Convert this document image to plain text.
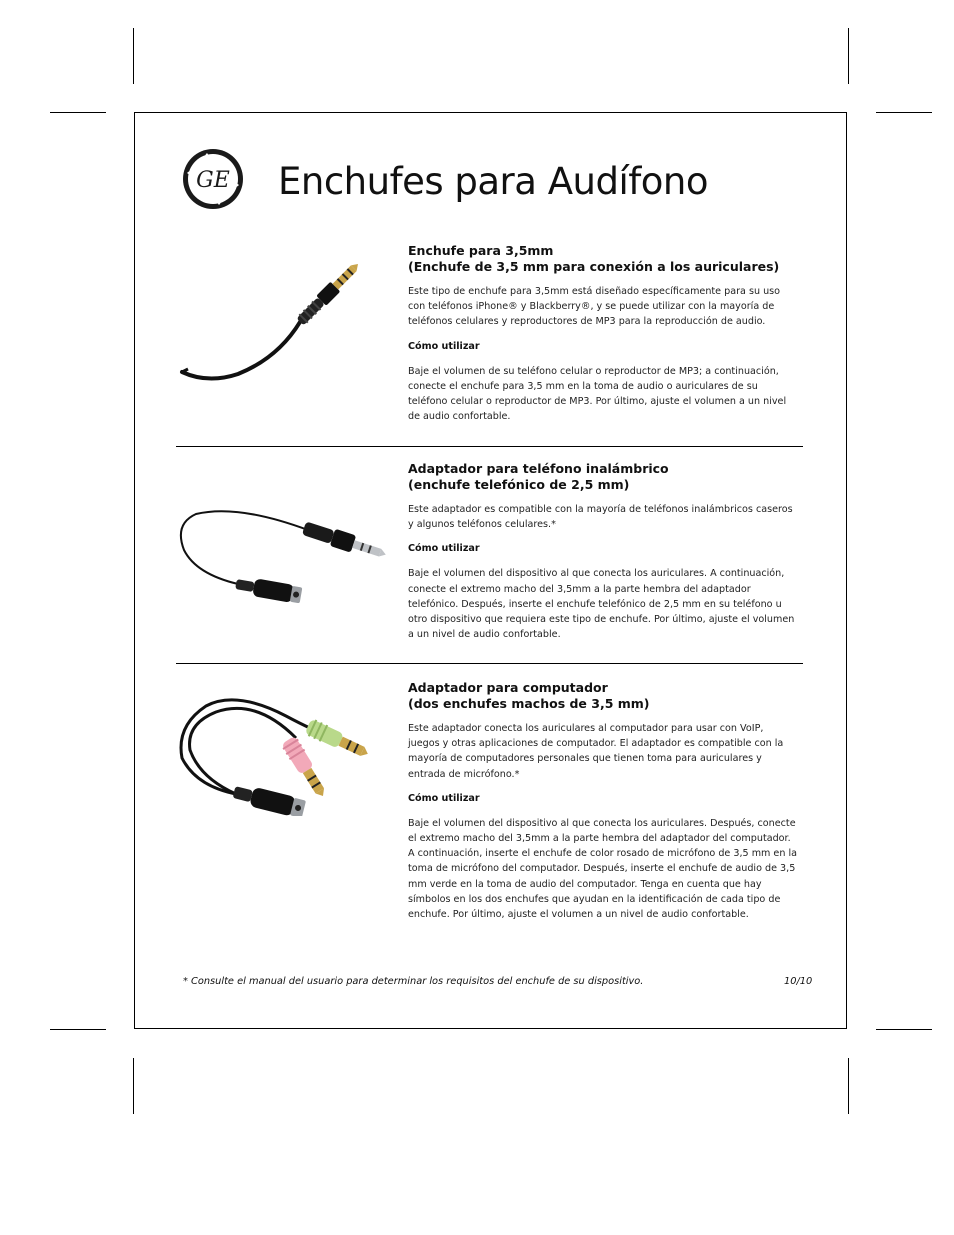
GE Enchufes para Audífono
Enchufe para 3,5mm
(Enchufe de 3,5 mm para conexión a los auriculares)
Este tipo de enchufe para 3,5mm está diseñado específicamente para su uso con teléfonos iPhone® y Blackberry®, y se puede utilizar con la mayoría de teléfonos celulares y reproductores de MP3 para la reproducción de audio.
Cómo utilizar
Baje el volumen de su teléfono celular o reproductor de MP3; a continuación, conecte el enchufe para 3,5 mm en la toma de audio o auriculares de su teléfono celular o reproductor de MP3. Por último, ajuste el volumen a un nivel de audio confortable.
Adaptador para teléfono inalámbrico
(enchufe telefónico de 2,5 mm)
Este adaptador es compatible con la mayoría de teléfonos inalámbricos caseros y algunos teléfonos celulares.*
Cómo utilizar
Baje el volumen del dispositivo al que conecta los auriculares. A continuación, conecte el extremo macho del 3,5mm a la parte hembra del adaptador telefónico. Después, inserte el enchufe telefónico de 2,5 mm en su teléfono u otro dispositivo que requiera este tipo de enchufe. Por último, ajuste el volumen a un nivel de audio confortable.
Adaptador para computador
(dos enchufes machos de 3,5 mm)
Este adaptador conecta los auriculares al computador para usar con VoIP, juegos y otras aplicaciones de computador. El adaptador es compatible con la mayoría de computadores personales que tienen toma para auriculares y entrada de micrófono.*
Cómo utilizar
Baje el volumen del dispositivo al que conecta los auriculares. Después, conecte el extremo macho del 3,5mm a la parte hembra del adaptador del computador. A continuación, inserte el enchufe de color rosado de micrófono de 3,5 mm en la toma de micrófono del computador. Después, inserte el enchufe de audio de 3,5 mm verde en la toma de audio del computador. Tenga en cuenta que hay símbolos en los dos enchufes que ayudan en la identificación de cada tipo de enchufe. Por último, ajuste el volumen a un nivel de audio confortable.
* Consulte el manual del usuario para determinar los requisitos del enchufe de su dispositivo.	10/10
